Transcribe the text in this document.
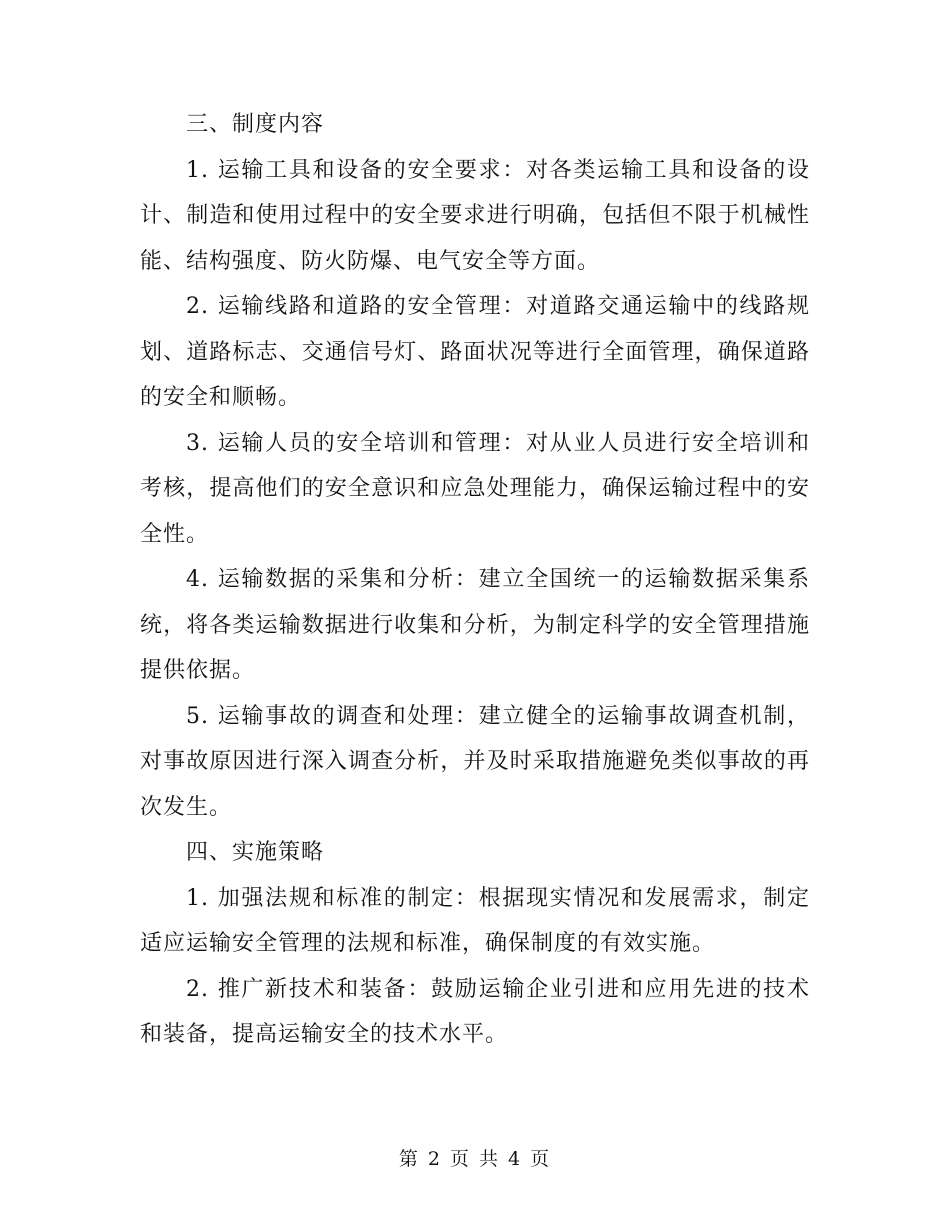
三、制度内容

1. 运输工具和设备的安全要求：对各类运输工具和设备的设计、制造和使用过程中的安全要求进行明确，包括但不限于机械性能、结构强度、防火防爆、电气安全等方面。

2. 运输线路和道路的安全管理：对道路交通运输中的线路规划、道路标志、交通信号灯、路面状况等进行全面管理，确保道路的安全和顺畅。

3. 运输人员的安全培训和管理：对从业人员进行安全培训和考核，提高他们的安全意识和应急处理能力，确保运输过程中的安全性。

4. 运输数据的采集和分析：建立全国统一的运输数据采集系统，将各类运输数据进行收集和分析，为制定科学的安全管理措施提供依据。

5. 运输事故的调查和处理：建立健全的运输事故调查机制，对事故原因进行深入调查分析，并及时采取措施避免类似事故的再次发生。

四、实施策略

1. 加强法规和标准的制定：根据现实情况和发展需求，制定适应运输安全管理的法规和标准，确保制度的有效实施。

2. 推广新技术和装备：鼓励运输企业引进和应用先进的技术和装备，提高运输安全的技术水平。

第 2 页 共 4 页
